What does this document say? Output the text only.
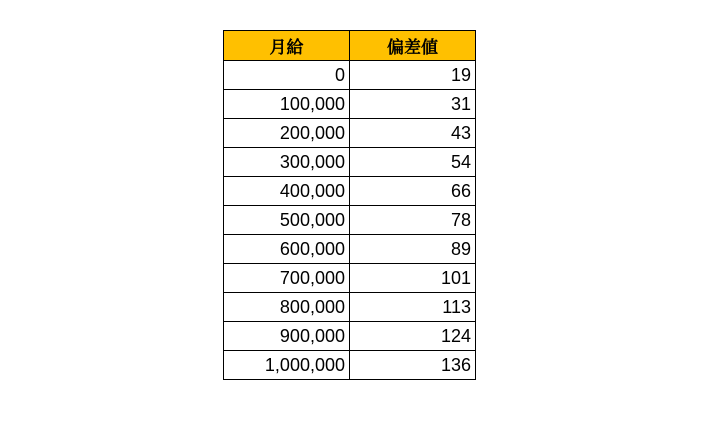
月給	偏差値
0	19
100,000	31
200,000	43
300,000	54
400,000	66
500,000	78
600,000	89
700,000	101
800,000	113
900,000	124
1,000,000	136
